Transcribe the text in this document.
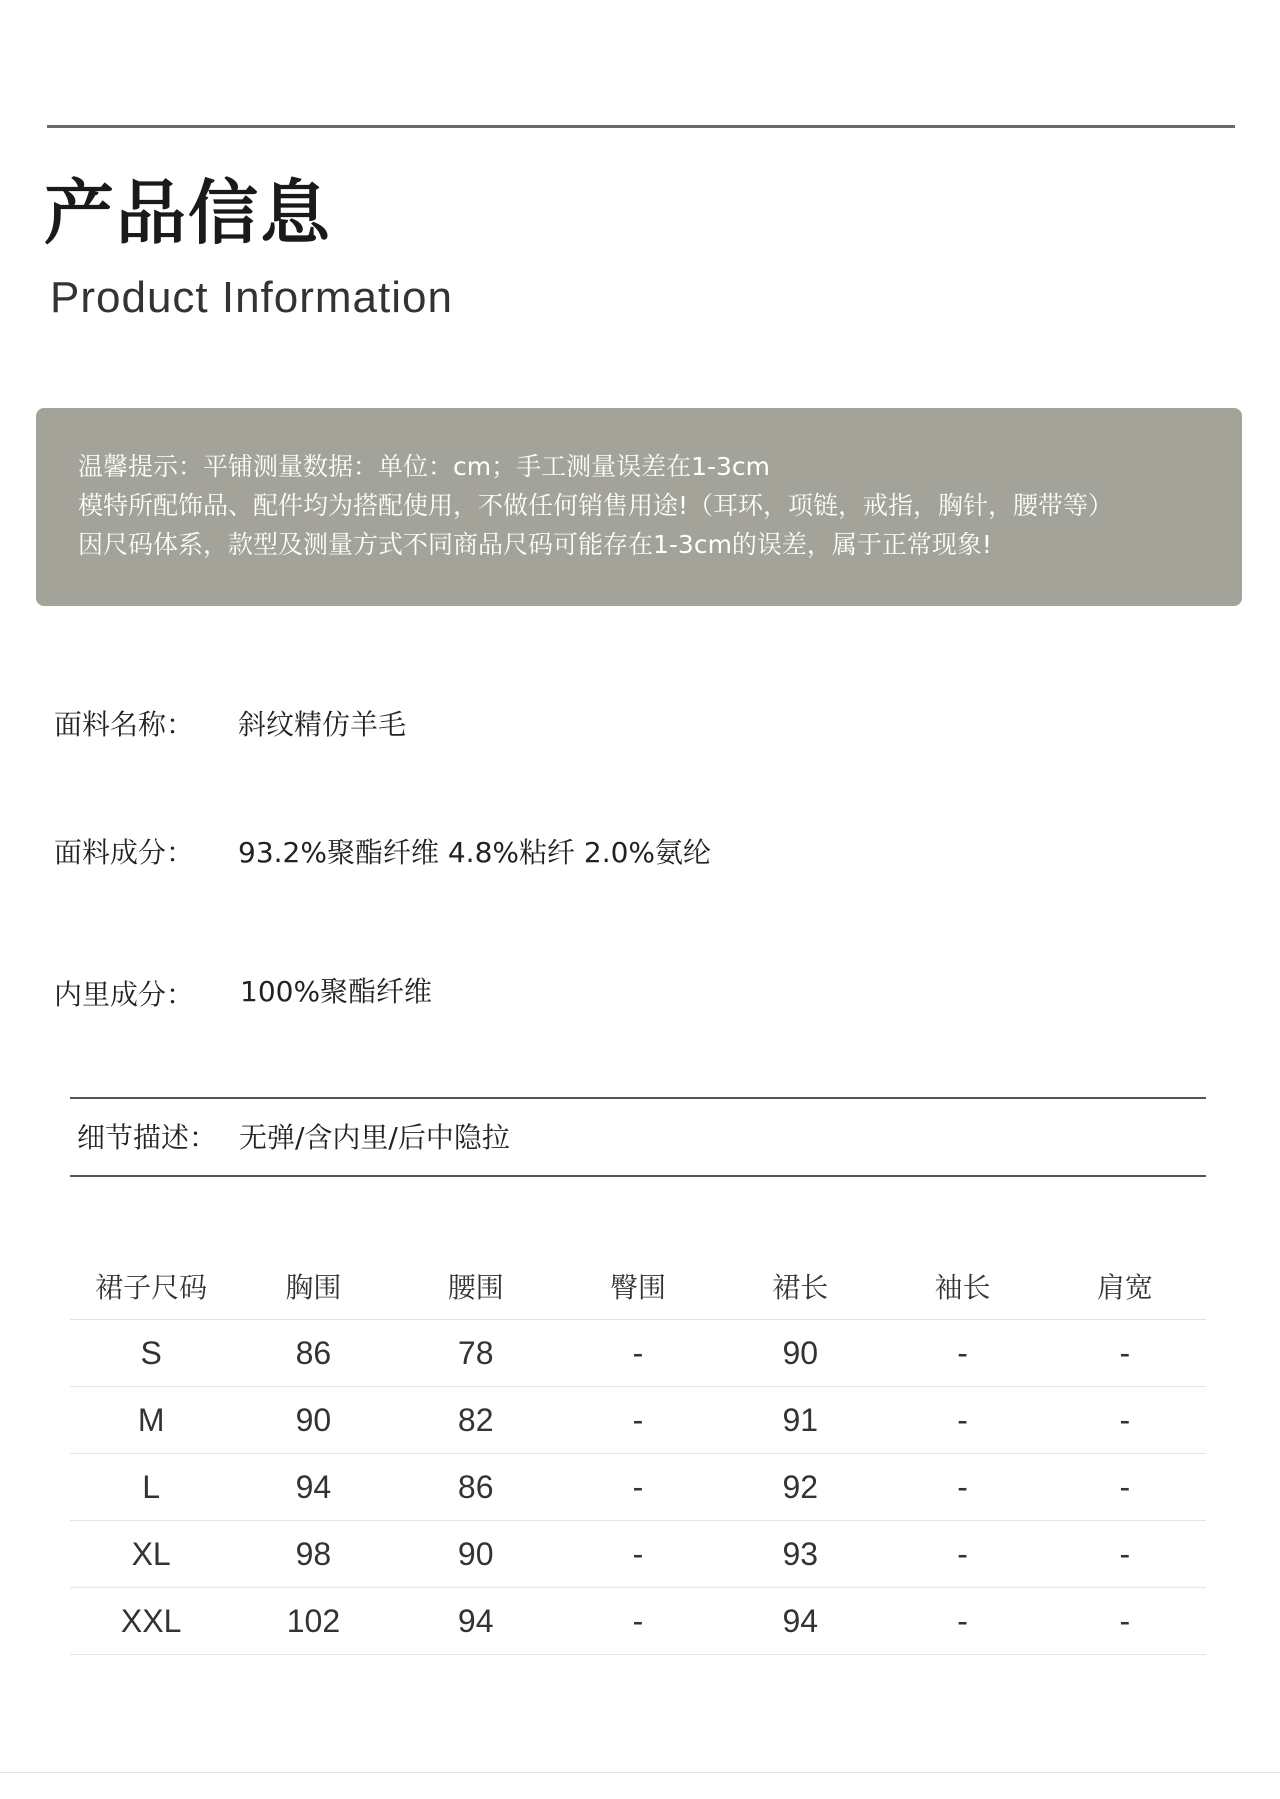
产品信息
Product Information
温馨提示：平铺测量数据：单位：cm；手工测量误差在1-3cm
模特所配饰品、配件均为搭配使用，不做任何销售用途!（耳环，项链，戒指，胸针，腰带等）
因尺码体系，款型及测量方式不同商品尺码可能存在1-3cm的误差，属于正常现象!
面料名称： 斜纹精仿羊毛
面料成分： 93.2%聚酯纤维 4.8%粘纤 2.0%氨纶
内里成分： 100%聚酯纤维
细节描述： 无弹/含内里/后中隐拉
裙子尺码	胸围	腰围	臀围	裙长	袖长	肩宽
S	86	78	-	90	-	-
M	90	82	-	91	-	-
L	94	86	-	92	-	-
XL	98	90	-	93	-	-
XXL	102	94	-	94	-	-
